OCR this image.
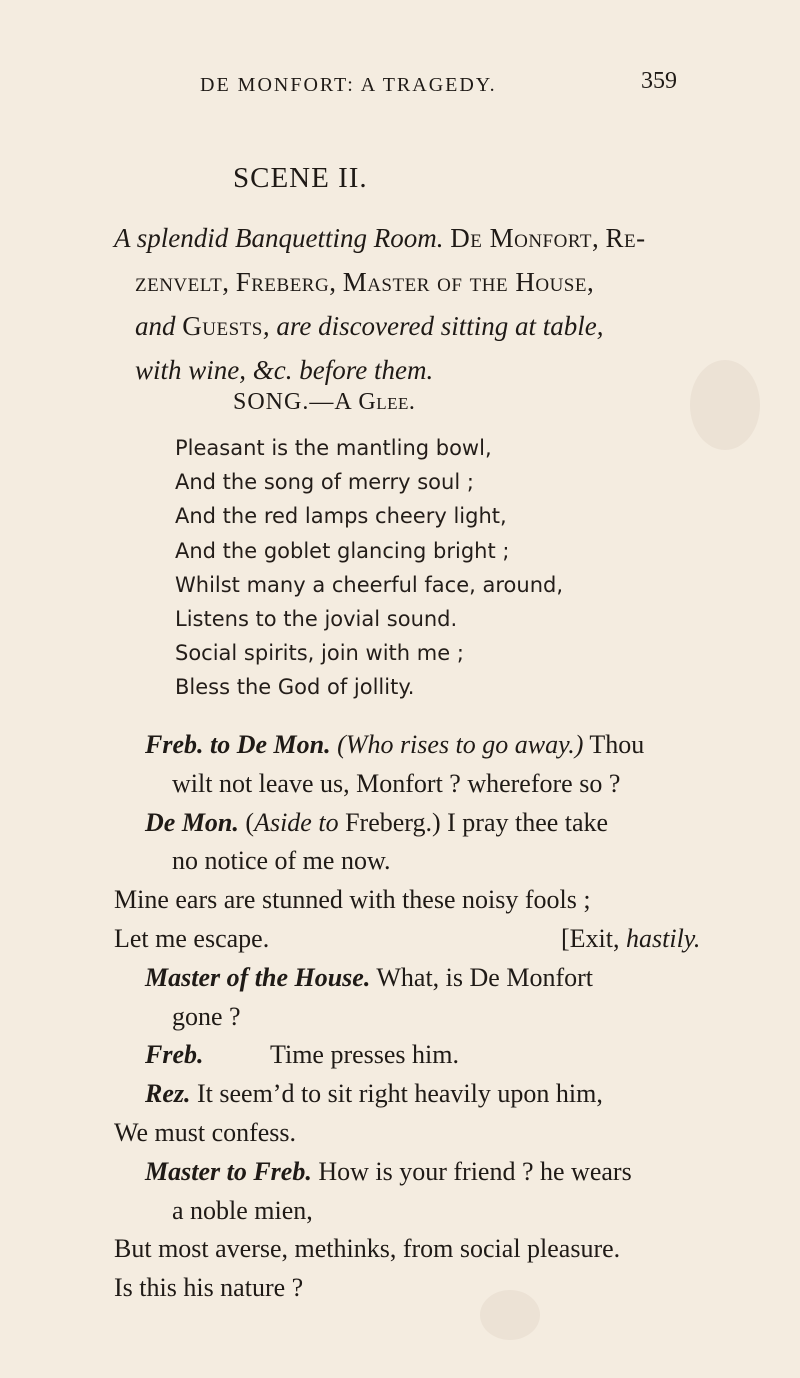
DE MONFORT: A TRAGEDY.	359
SCENE II.
A splendid Banquetting Room. De Monfort, Re-
zenvelt, Freberg, Master of the House,
and Guests, are discovered sitting at table,
with wine, &c. before them.
SONG.—A Glee.
Pleasant is the mantling bowl,
And the song of merry soul ;
And the red lamps cheery light,
And the goblet glancing bright ;
Whilst many a cheerful face, around,
Listens to the jovial sound.
Social spirits, join with me ;
Bless the God of jollity.
Freb. to De Mon. (Who rises to go away.) Thou
wilt not leave us, Monfort ? wherefore so ?
De Mon. (Aside to Freberg.) I pray thee take
no notice of me now.
Mine ears are stunned with these noisy fools ;
Let me escape.	[Exit, hastily.
Master of the House. What, is De Monfort
gone ?
Freb.	Time presses him.
Rez. It seem’d to sit right heavily upon him,
We must confess.
Master to Freb. How is your friend ? he wears
a noble mien,
But most averse, methinks, from social pleasure.
Is this his nature ?
